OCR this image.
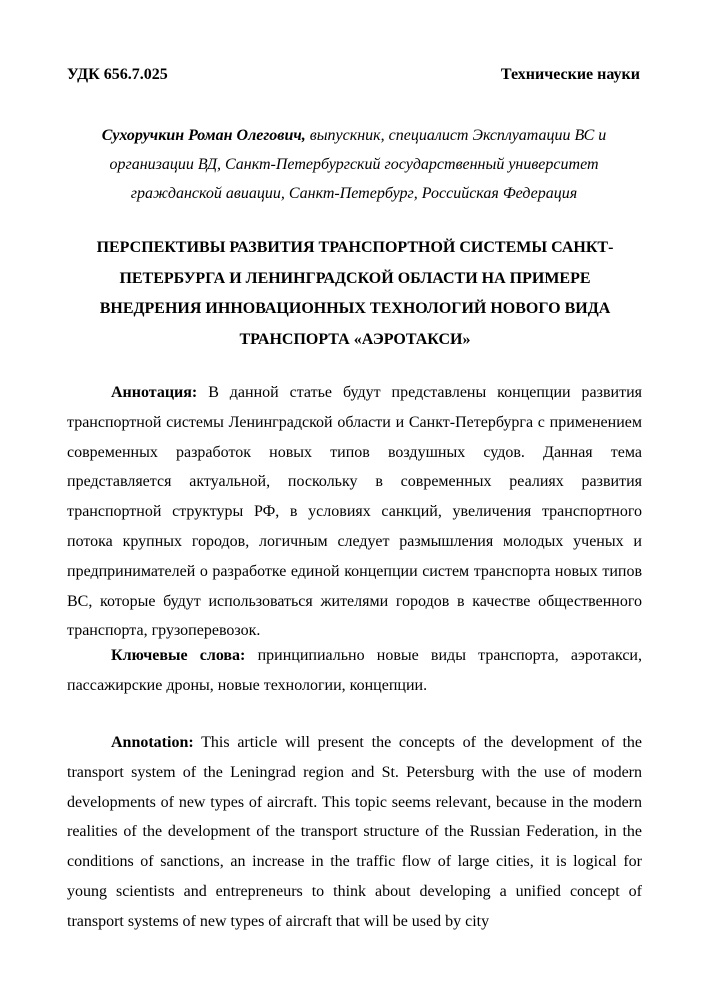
УДК 656.7.025	Технические науки
Сухоручкин Роман Олегович, выпускник, специалист Эксплуатации ВС и организации ВД, Санкт-Петербургский государственный университет гражданской авиации, Санкт-Петербург, Российская Федерация
ПЕРСПЕКТИВЫ РАЗВИТИЯ ТРАНСПОРТНОЙ СИСТЕМЫ САНКТ-ПЕТЕРБУРГА И ЛЕНИНГРАДСКОЙ ОБЛАСТИ НА ПРИМЕРЕ ВНЕДРЕНИЯ ИННОВАЦИОННЫХ ТЕХНОЛОГИЙ НОВОГО ВИДА ТРАНСПОРТА «АЭРОТАКСИ»

Аннотация: В данной статье будут представлены концепции развития транспортной системы Ленинградской области и Санкт-Петербурга с применением современных разработок новых типов воздушных судов. Данная тема представляется актуальной, поскольку в современных реалиях развития транспортной структуры РФ, в условиях санкций, увеличения транспортного потока крупных городов, логичным следует размышления молодых ученых и предпринимателей о разработке единой концепции систем транспорта новых типов ВС, которые будут использоваться жителями городов в качестве общественного транспорта, грузоперевозок.

Ключевые слова: принципиально новые виды транспорта, аэротакси, пассажирские дроны, новые технологии, концепции.

Annotation: This article will present the concepts of the development of the transport system of the Leningrad region and St. Petersburg with the use of modern developments of new types of aircraft. This topic seems relevant, because in the modern realities of the development of the transport structure of the Russian Federation, in the conditions of sanctions, an increase in the traffic flow of large cities, it is logical for young scientists and entrepreneurs to think about developing a unified concept of transport systems of new types of aircraft that will be used by city
